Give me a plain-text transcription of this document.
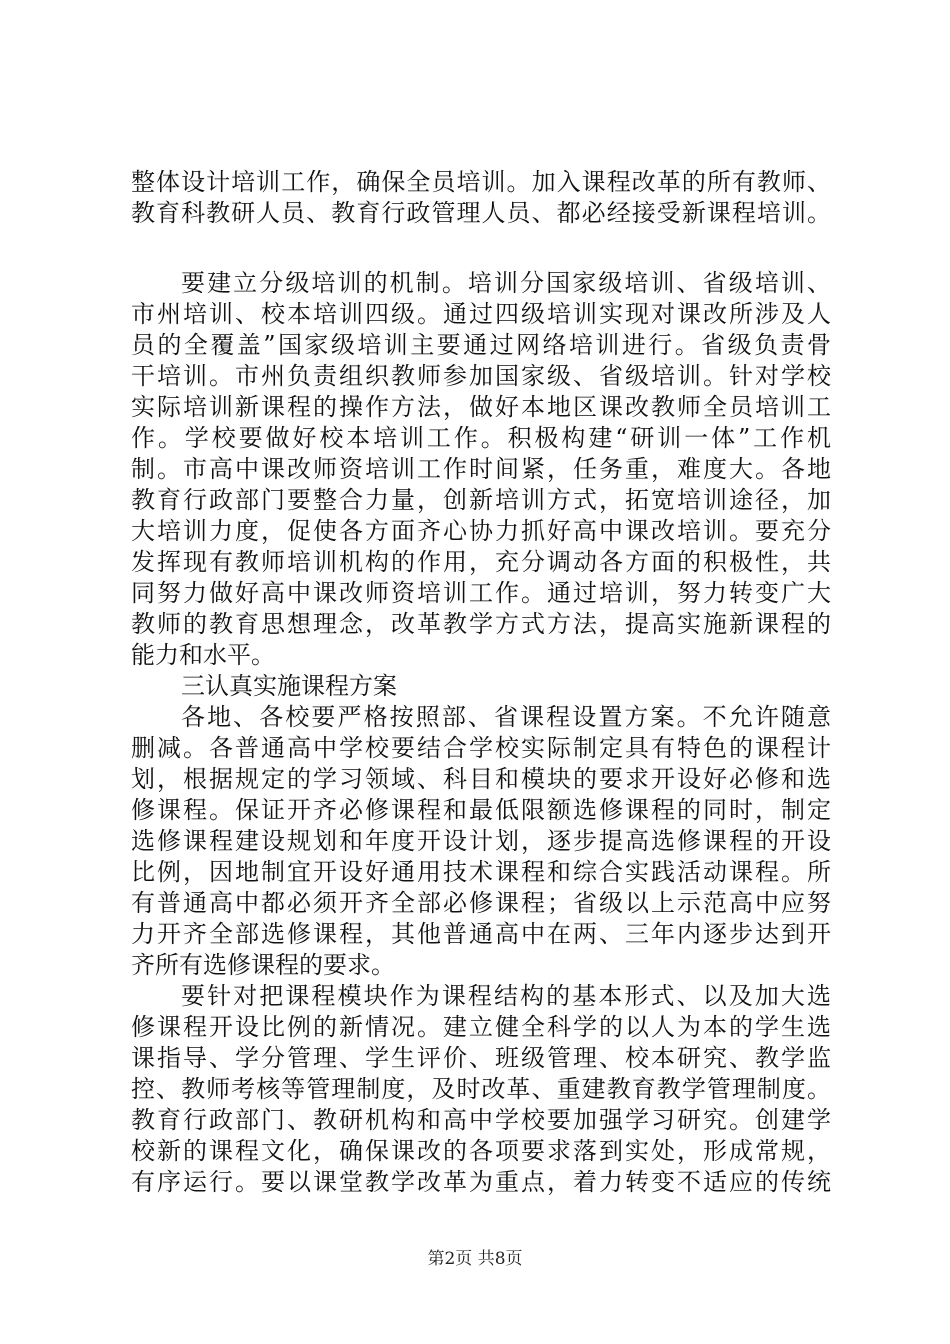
整体设计培训工作，确保全员培训。加入课程改革的所有教师、
教育科教研人员、教育行政管理人员、都必经接受新课程培训。
要建立分级培训的机制。培训分国家级培训、省级培训、
市州培训、校本培训四级。通过四级培训实现对课改所涉及人
员的全覆盖”国家级培训主要通过网络培训进行。省级负责骨
干培训。市州负责组织教师参加国家级、省级培训。针对学校
实际培训新课程的操作方法，做好本地区课改教师全员培训工
作。学校要做好校本培训工作。积极构建“研训一体”工作机
制。市高中课改师资培训工作时间紧，任务重，难度大。各地
教育行政部门要整合力量，创新培训方式，拓宽培训途径，加
大培训力度，促使各方面齐心协力抓好高中课改培训。要充分
发挥现有教师培训机构的作用，充分调动各方面的积极性，共
同努力做好高中课改师资培训工作。通过培训，努力转变广大
教师的教育思想理念，改革教学方式方法，提高实施新课程的
能力和水平。
三认真实施课程方案
各地、各校要严格按照部、省课程设置方案。不允许随意
删减。各普通高中学校要结合学校实际制定具有特色的课程计
划，根据规定的学习领域、科目和模块的要求开设好必修和选
修课程。保证开齐必修课程和最低限额选修课程的同时，制定
选修课程建设规划和年度开设计划，逐步提高选修课程的开设
比例，因地制宜开设好通用技术课程和综合实践活动课程。所
有普通高中都必须开齐全部必修课程；省级以上示范高中应努
力开齐全部选修课程，其他普通高中在两、三年内逐步达到开
齐所有选修课程的要求。
要针对把课程模块作为课程结构的基本形式、以及加大选
修课程开设比例的新情况。建立健全科学的以人为本的学生选
课指导、学分管理、学生评价、班级管理、校本研究、教学监
控、教师考核等管理制度，及时改革、重建教育教学管理制度。
教育行政部门、教研机构和高中学校要加强学习研究。创建学
校新的课程文化，确保课改的各项要求落到实处，形成常规，
有序运行。要以课堂教学改革为重点，着力转变不适应的传统
第2页 共8页
